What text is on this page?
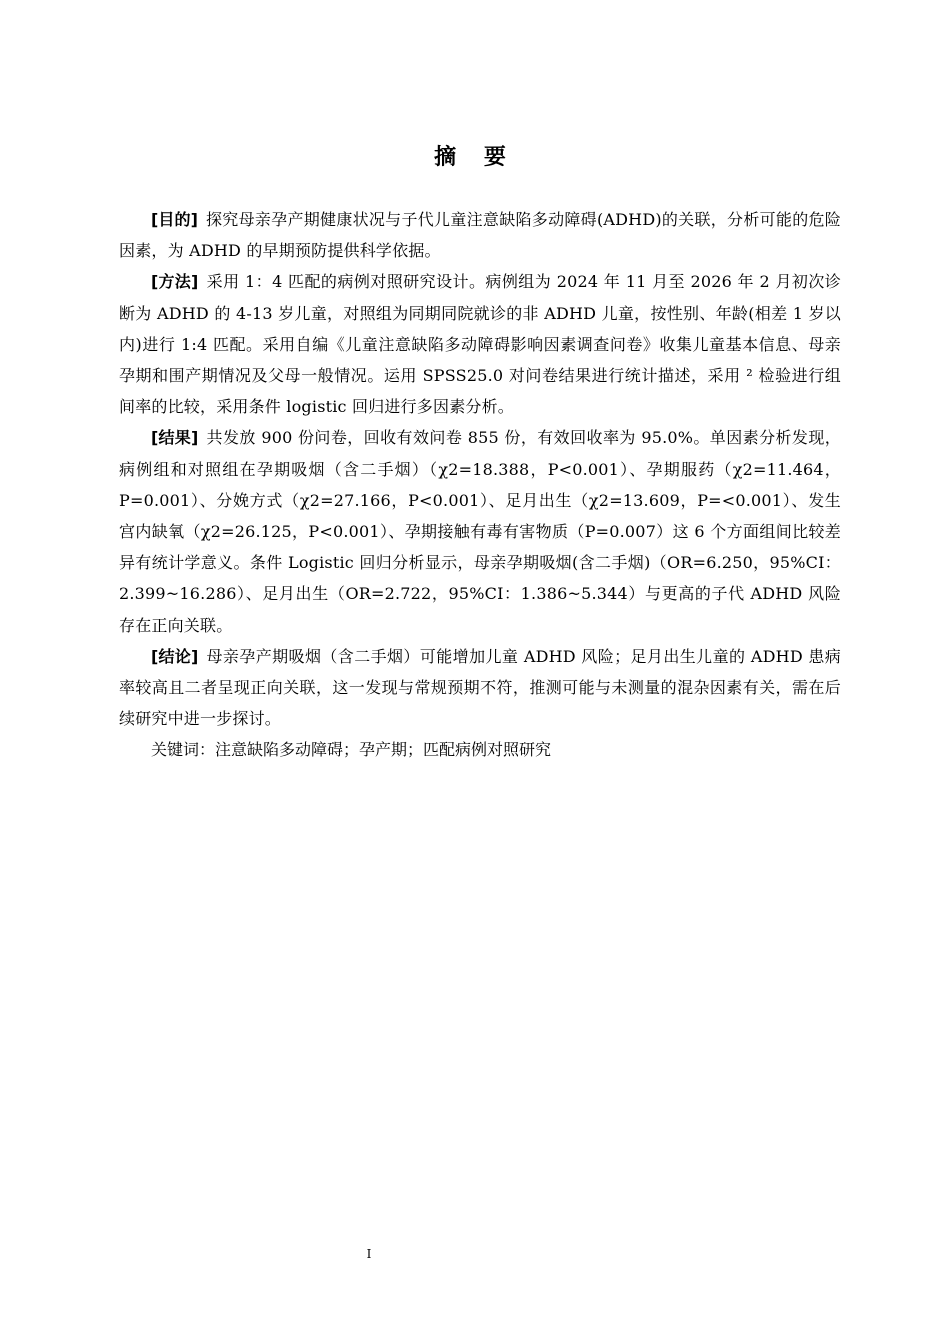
摘 要

[目的] 探究母亲孕产期健康状况与子代儿童注意缺陷多动障碍(ADHD)的关联，分析可能的危险因素，为 ADHD 的早期预防提供科学依据。

[方法] 采用 1：4 匹配的病例对照研究设计。病例组为 2024 年 11 月至 2026 年 2 月初次诊断为 ADHD 的 4-13 岁儿童，对照组为同期同院就诊的非 ADHD 儿童，按性别、年龄(相差 1 岁以内)进行 1:4 匹配。采用自编《儿童注意缺陷多动障碍影响因素调查问卷》收集儿童基本信息、母亲孕期和围产期情况及父母一般情况。运用 SPSS25.0 对问卷结果进行统计描述，采用 ² 检验进行组间率的比较，采用条件 logistic 回归进行多因素分析。

[结果] 共发放 900 份问卷，回收有效问卷 855 份，有效回收率为 95.0%。单因素分析发现，病例组和对照组在孕期吸烟（含二手烟）（χ2=18.388，P<0.001）、孕期服药（χ2=11.464，P=0.001）、分娩方式（χ2=27.166，P<0.001）、足月出生（χ2=13.609，P=<0.001）、发生宫内缺氧（χ2=26.125，P<0.001）、孕期接触有毒有害物质（P=0.007）这 6 个方面组间比较差异有统计学意义。条件 Logistic 回归分析显示，母亲孕期吸烟(含二手烟)（OR=6.250，95%CI：2.399~16.286）、足月出生（OR=2.722，95%CI：1.386~5.344）与更高的子代 ADHD 风险存在正向关联。

[结论] 母亲孕产期吸烟（含二手烟）可能增加儿童 ADHD 风险；足月出生儿童的 ADHD 患病率较高且二者呈现正向关联，这一发现与常规预期不符，推测可能与未测量的混杂因素有关，需在后续研究中进一步探讨。

关键词：注意缺陷多动障碍；孕产期；匹配病例对照研究

I
